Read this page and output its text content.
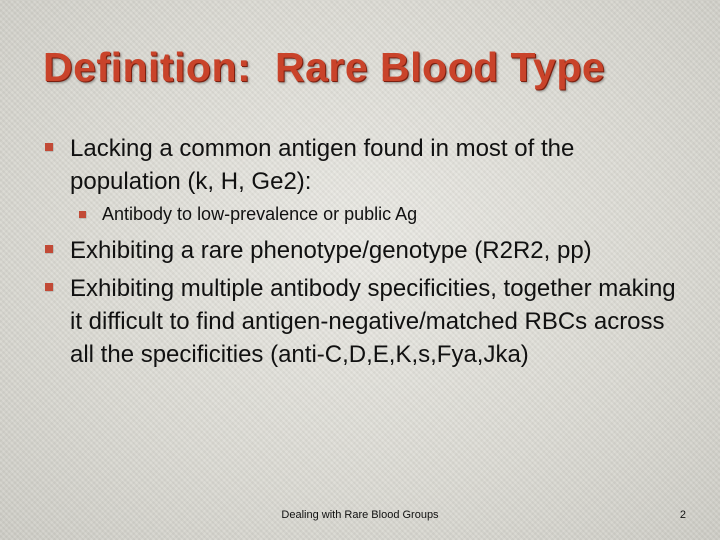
Definition:  Rare Blood Type
Lacking a common antigen found in most of the population (k, H, Ge2):
Antibody to low-prevalence or public Ag
Exhibiting a rare phenotype/genotype (R2R2, pp)
Exhibiting multiple antibody specificities, together making it difficult to find antigen-negative/matched RBCs across all the specificities (anti-C,D,E,K,s,Fya,Jka)
Dealing with Rare Blood Groups	2
